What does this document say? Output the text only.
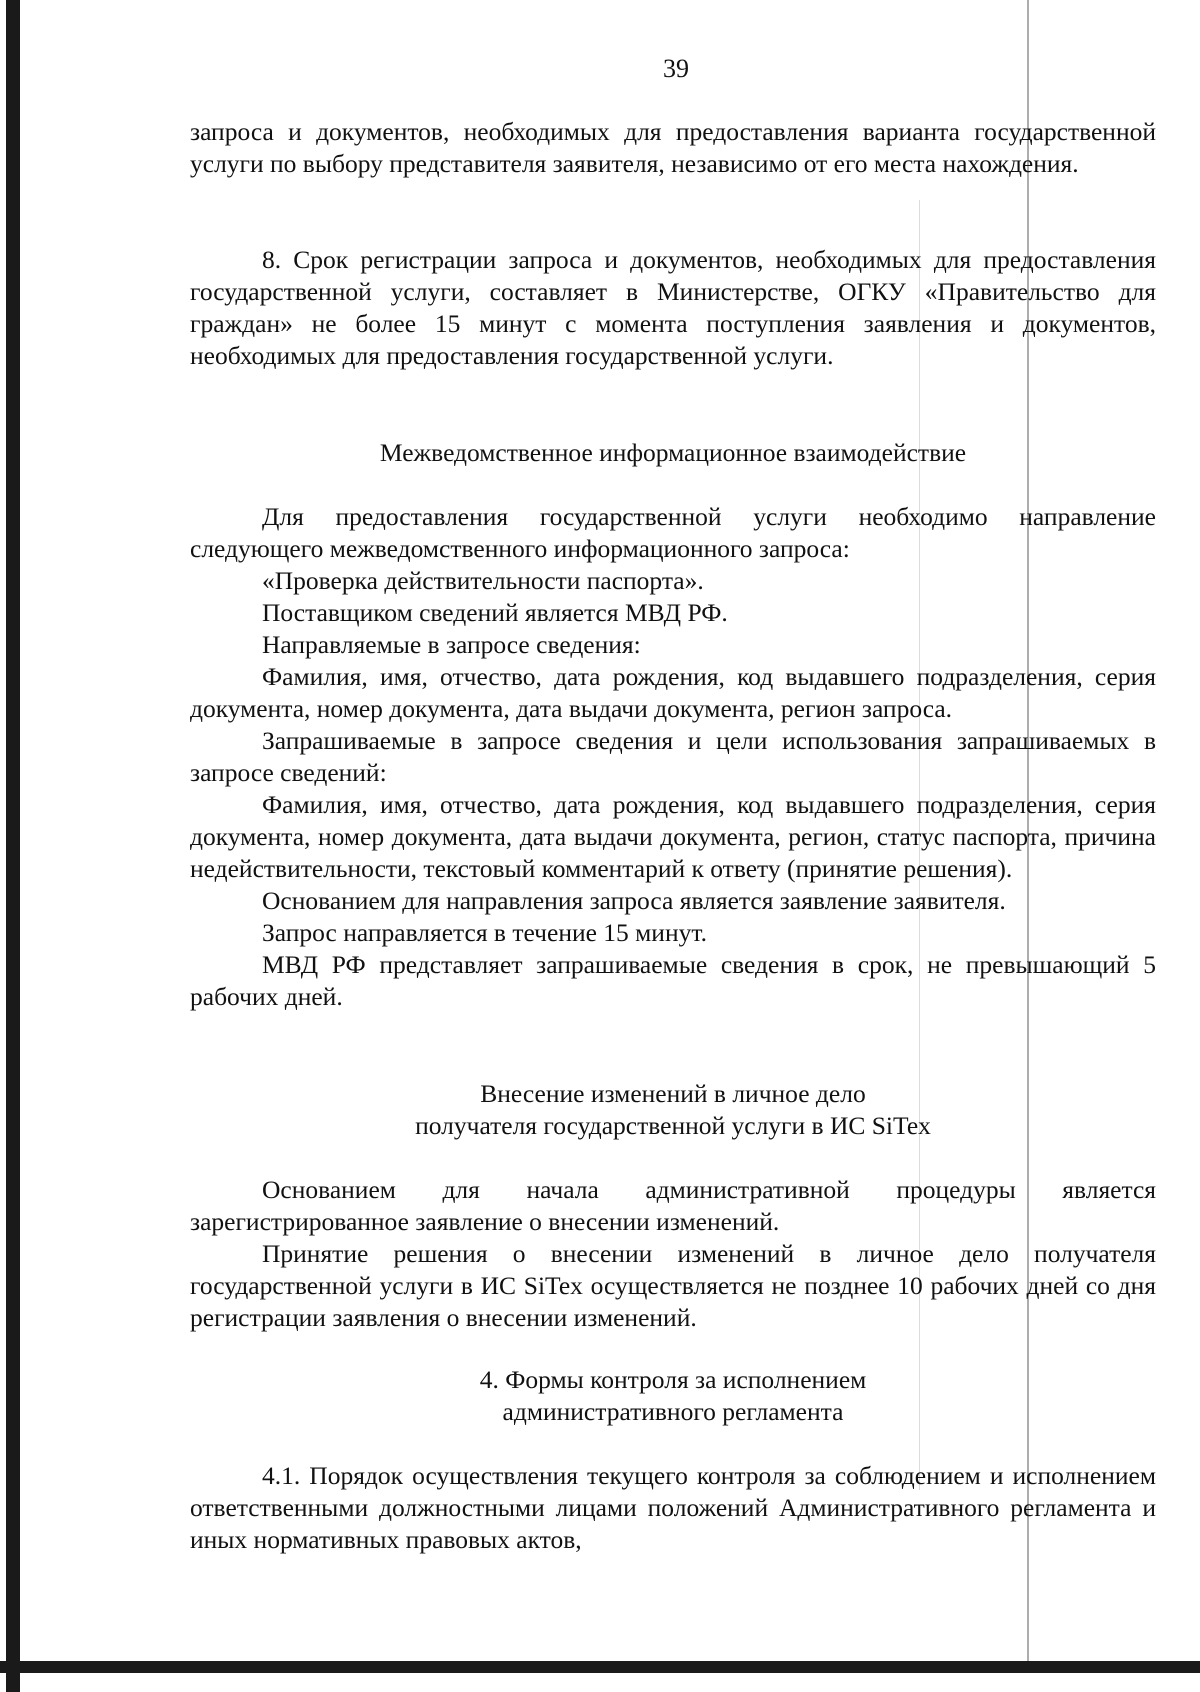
39

запроса и документов, необходимых для предоставления варианта государственной услуги по выбору представителя заявителя, независимо от его места нахождения.

8. Срок регистрации запроса и документов, необходимых для предоставления государственной услуги, составляет в Министерстве, ОГКУ «Правительство для граждан» не более 15 минут с момента поступления заявления и документов, необходимых для предоставления государственной услуги.

Межведомственное информационное взаимодействие

Для предоставления государственной услуги необходимо направление следующего межведомственного информационного запроса:

«Проверка действительности паспорта».

Поставщиком сведений является МВД РФ.

Направляемые в запросе сведения:

Фамилия, имя, отчество, дата рождения, код выдавшего подразделения, серия документа, номер документа, дата выдачи документа, регион запроса.

Запрашиваемые в запросе сведения и цели использования запрашиваемых в запросе сведений:

Фамилия, имя, отчество, дата рождения, код выдавшего подразделения, серия документа, номер документа, дата выдачи документа, регион, статус паспорта, причина недействительности, текстовый комментарий к ответу (принятие решения).

Основанием для направления запроса является заявление заявителя.

Запрос направляется в течение 15 минут.

МВД РФ представляет запрашиваемые сведения в срок, не превышающий 5 рабочих дней.

Внесение изменений в личное дело

получателя государственной услуги в ИС SiTex

Основанием для начала административной процедуры является зарегистрированное заявление о внесении изменений.

Принятие решения о внесении изменений в личное дело получателя государственной услуги в ИС SiTex осуществляется не позднее 10 рабочих дней со дня регистрации заявления о внесении изменений.

4. Формы контроля за исполнением

административного регламента

4.1. Порядок осуществления текущего контроля за соблюдением и исполнением ответственными должностными лицами положений Административного регламента и иных нормативных правовых актов,
